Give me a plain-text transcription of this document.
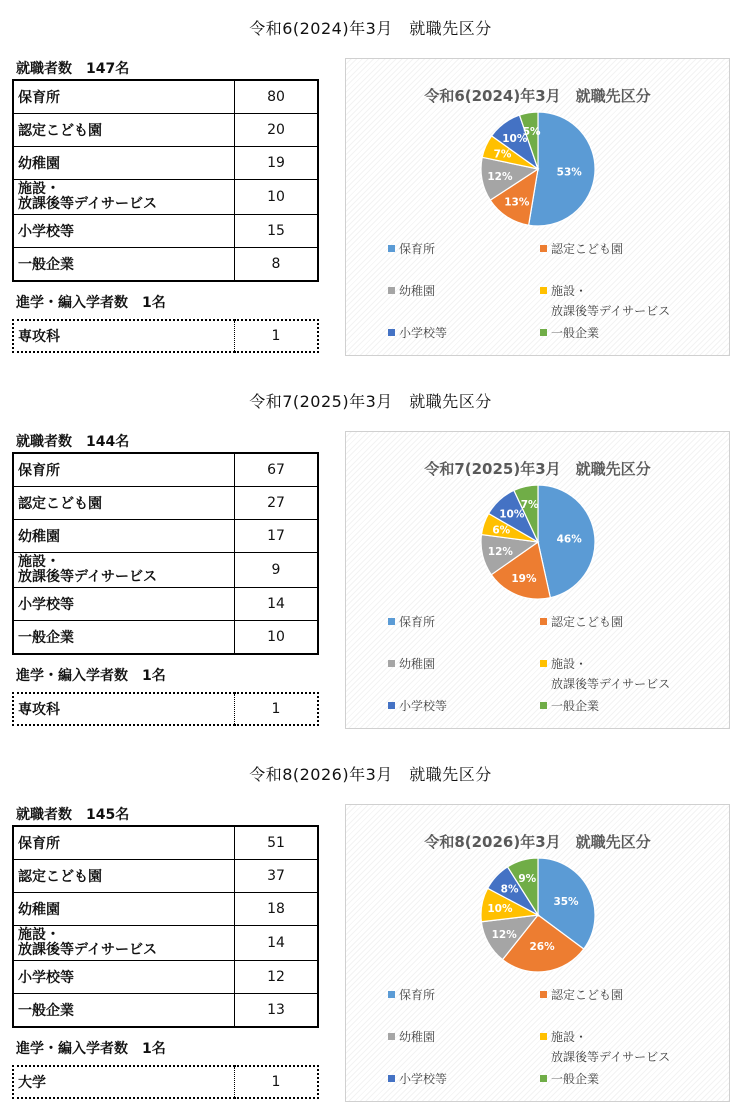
令和6(2024)年3月　就職先区分
就職者数 147名
保育所	80
認定こども園	20
幼稚園	19
施設・
放課後等デイサービス	10
小学校等	15
一般企業	8
進学・編入学者数 1名
専攻科	1
令和6(2024)年3月　就職先区分
53%
13%
12%
7%
10%
5%
保育所	認定こども園
幼稚園	施設・
放課後等デイサービス
小学校等	一般企業
令和7(2025)年3月　就職先区分
就職者数 144名
保育所	67
認定こども園	27
幼稚園	17
施設・
放課後等デイサービス	9
小学校等	14
一般企業	10
進学・編入学者数 1名
専攻科	1
令和7(2025)年3月　就職先区分
46%
19%
12%
6%
10%
7%
保育所	認定こども園
幼稚園	施設・
放課後等デイサービス
小学校等	一般企業
令和8(2026)年3月　就職先区分
就職者数 145名
保育所	51
認定こども園	37
幼稚園	18
施設・
放課後等デイサービス	14
小学校等	12
一般企業	13
進学・編入学者数 1名
大学	1
令和8(2026)年3月　就職先区分
35%
26%
12%
10%
8%
9%
保育所	認定こども園
幼稚園	施設・
放課後等デイサービス
小学校等	一般企業
